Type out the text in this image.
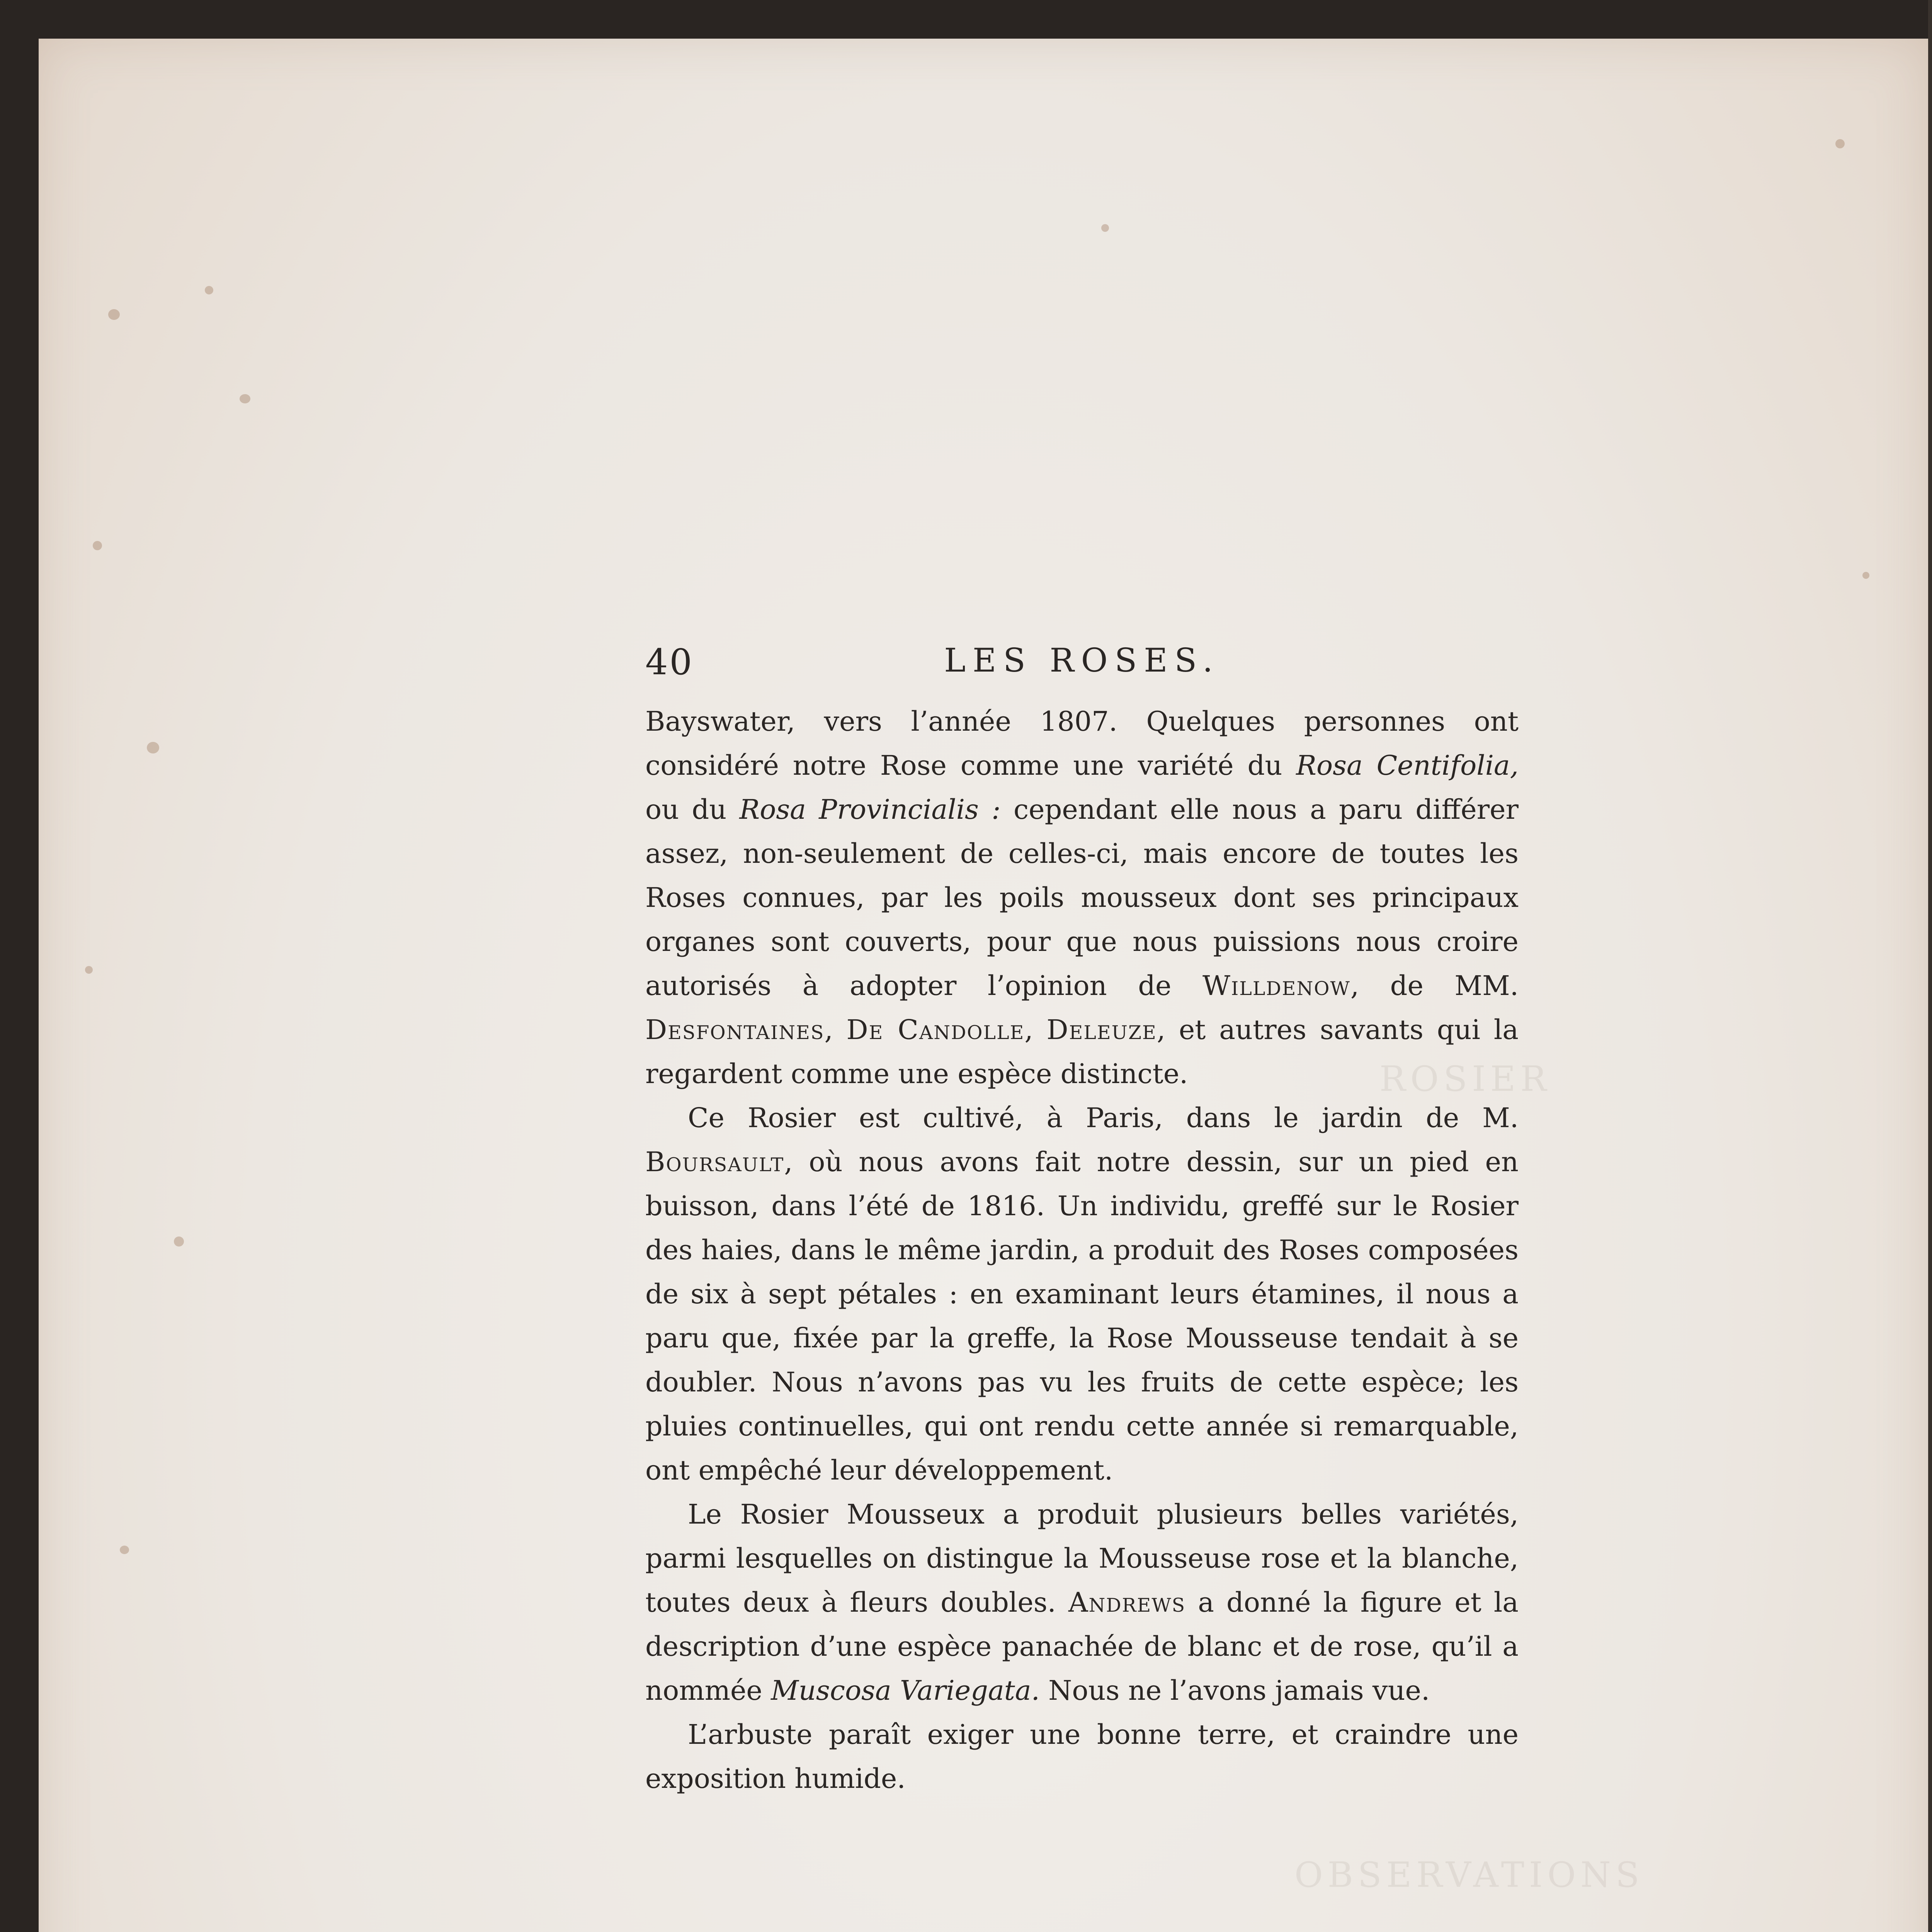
ROSIER
OBSERVATIONS
40	LES ROSES.

Bayswater, vers l’année 1807. Quelques personnes ont considéré notre Rose comme une variété du Rosa Centifolia, ou du Rosa Provincialis : cependant elle nous a paru différer assez, non-seulement de celles-ci, mais encore de toutes les Roses connues, par les poils mousseux dont ses principaux organes sont couverts, pour que nous puissions nous croire autorisés à adopter l’opinion de Willdenow, de MM. Desfontaines, De Candolle, Deleuze, et autres savants qui la regardent comme une espèce distincte.

Ce Rosier est cultivé, à Paris, dans le jardin de M. Boursault, où nous avons fait notre dessin, sur un pied en buisson, dans l’été de 1816. Un individu, greffé sur le Rosier des haies, dans le même jardin, a produit des Roses composées de six à sept pétales : en examinant leurs étamines, il nous a paru que, fixée par la greffe, la Rose Mousseuse tendait à se doubler. Nous n’avons pas vu les fruits de cette espèce; les pluies continuelles, qui ont rendu cette année si remarquable, ont empêché leur développement.

Le Rosier Mousseux a produit plusieurs belles variétés, parmi lesquelles on distingue la Mousseuse rose et la blanche, toutes deux à fleurs doubles. Andrews a donné la figure et la description d’une espèce panachée de blanc et de rose, qu’il a nommée Muscosa Variegata. Nous ne l’avons jamais vue.

L’arbuste paraît exiger une bonne terre, et craindre une exposition humide.
